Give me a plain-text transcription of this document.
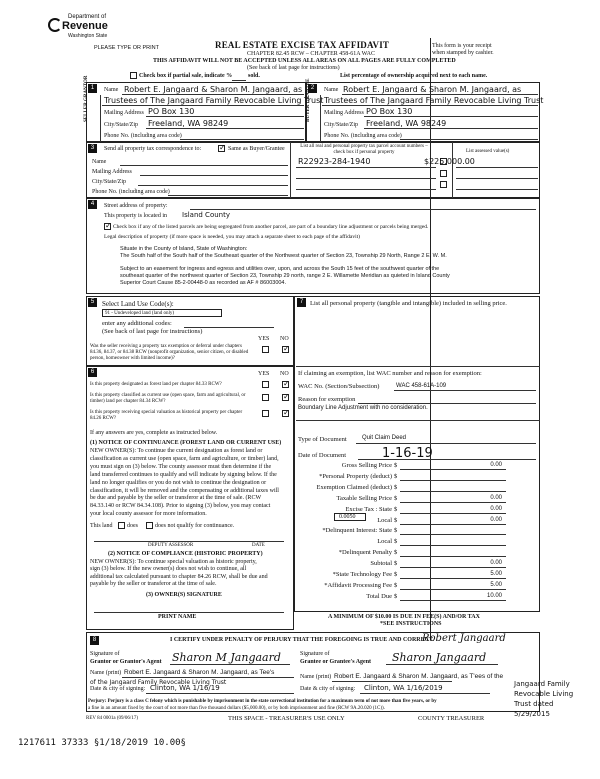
Department of
Revenue
Washington State
PLEASE TYPE OR PRINT	REAL ESTATE EXCISE TAX AFFIDAVIT
CHAPTER 82.45 RCW – CHAPTER 458-61A WAC
THIS AFFIDAVIT WILL NOT BE ACCEPTED UNLESS ALL AREAS ON ALL PAGES ARE FULLY COMPLETED
(See back of last page for instructions)
This form is your receipt
when stamped by cashier.
Check box if partial sale, indicate %	sold.	List percentage of ownership acquired next to each name.
1
SELLER GRANTOR	Name Robert E. Jangaard & Sharon M. Jangaard, as
Trustees of The Jangaard Family Revocable Living Trust
Mailing Address PO Box 130
City/State/Zip Freeland, WA 98249
Phone No. (including area code)
2
BUYER GRANTEE Name Robert E. Jangaard & Sharon M. Jangaard, as
Trustees of The Jangaard Family Revocable Living Trust
Mailing Address PO Box 130
City/State/Zip Freeland, WA 98249
Phone No. (including area code)
3	Send all property tax correspondence to: ✓ Same as Buyer/Grantee
Name
Mailing Address
City/State/Zip
Phone No. (including area code)
List all real and personal property tax parcel account numbers – check box if personal property	List assessed value(s)
R22923-284-1940	$225,000.00
4	Street address of property:
This property is located in Island County
✓ Check box if any of the listed parcels are being segregated from another parcel, are part of a boundary line adjustment or parcels being merged.
Legal description of property (if more space is needed, you may attach a separate sheet to each page of the affidavit)
Situate in the County of Island, State of Washington:
The South half of the South half of the Southeast quarter of the Northwest quarter of Section 23, Township 29 North, Range 2 E. W. M.
Subject to an easement for ingress and egress and utilities over, upon, and across the South 15 feet of the southwest quarter of the
southeast quarter of the northwest quarter of Section 23, Township 29 north, range 2 E. Willamette Meridian as quieted in Island County
Superior Court Cause 85-2-00448-0 as recorded as AF # 86003004.
5	Select Land Use Code(s):
91 - Undeveloped land (land only)
enter any additional codes:
(See back of last page for instructions)
YES NO
Was the seller receiving a property tax exemption or deferral under chapters 84.36, 84.37, or 84.38 RCW (nonprofit organization, senior citizen, or disabled person, homeowner with limited income)?
✓
7	List all personal property (tangible and intangible) included in selling price.
If claiming an exemption, list WAC number and reason for exemption:
WAC No. (Section/Subsection)	WAC 458-61A-109
Reason for exemption
Boundary Line Adjustment with no consideration.
Type of Document	Quit Claim Deed
Date of Document	1-16-19
Gross Selling Price $	0.00
*Personal Property (deduct) $
Exemption Claimed (deduct) $
Taxable Selling Price $	0.00
Excise Tax : State $	0.00
Local $	0.00
*Delinquent Interest: State $
Local $
*Delinquent Penalty $
Subtotal $	0.00
*State Technology Fee $	5.00
*Affidavit Processing Fee $	5.00
Total Due $	10.00
0.0050
A MINIMUM OF $10.00 IS DUE IN FEE(S) AND/OR TAX
*SEE INSTRUCTIONS
6	YES NO
Is this property designated as forest land per chapter 84.33 RCW?	✓
Is this property classified as current use (open space, farm and agricultural, or timber) land per chapter 84.34 RCW?
✓
Is this property receiving special valuation as historical property per chapter 84.26 RCW?
✓
If any answers are yes, complete as instructed below.
(1) NOTICE OF CONTINUANCE (FOREST LAND OR CURRENT USE)
NEW OWNER(S): To continue the current designation as forest land or
classification as current use (open space, farm and agriculture, or timber) land,
you must sign on (3) below. The county assessor must then determine if the
land transferred continues to qualify and will indicate by signing below. If the
land no longer qualifies or you do not wish to continue the designation or
classification, it will be removed and the compensating or additional taxes will
be due and payable by the seller or transferor at the time of sale. (RCW
84.33.140 or RCW 84.34.108). Prior to signing (3) below, you may contact
your local county assessor for more information.
This land does	does not qualify for continuance.
DEPUTY ASSESSOR	DATE
(2) NOTICE OF COMPLIANCE (HISTORIC PROPERTY)
NEW OWNER(S): To continue special valuation as historic property,
sign (3) below. If the new owner(s) does not wish to continue, all
additional tax calculated pursuant to chapter 84.26 RCW, shall be due and
payable by the seller or transferor at the time of sale.
(3) OWNER(S) SIGNATURE
PRINT NAME
8	I CERTIFY UNDER PENALTY OF PERJURY THAT THE FOREGOING IS TRUE AND CORRECT.
Signature of
Grantor or Grantor's Agent Sharon M Jangaard
Robert Jangaard
Signature of
Grantee or Grantee's Agent Sharon Jangaard
Name (print) Robert E. Jangaard & Sharon M. Jangaard, as Tee's
of the Jangaard Family Revocable Living Trust
Date & city of signing: Clinton, WA 1/16/19
Name (print) Robert E. Jangaard & Sharon M. Jangaard, as T'ees of the
Date & city of signing: Clinton, WA 1/16/2019	Jangaard Family
Revocable Living
Trust dated
5/29/2015
Perjury: Perjury is a class C felony which is punishable by imprisonment in the state correctional institution for a maximum term of not more than five years, or by
a fine in an amount fixed by the court of not more than five thousand dollars ($5,000.00), or by both imprisonment and fine (RCW 9A.20.020 (1C)).
REV 84 0001a (09/06/17)	THIS SPACE - TREASURER'S USE ONLY	COUNTY TREASURER
1217611 37333 §1/18/2019 10.00§
